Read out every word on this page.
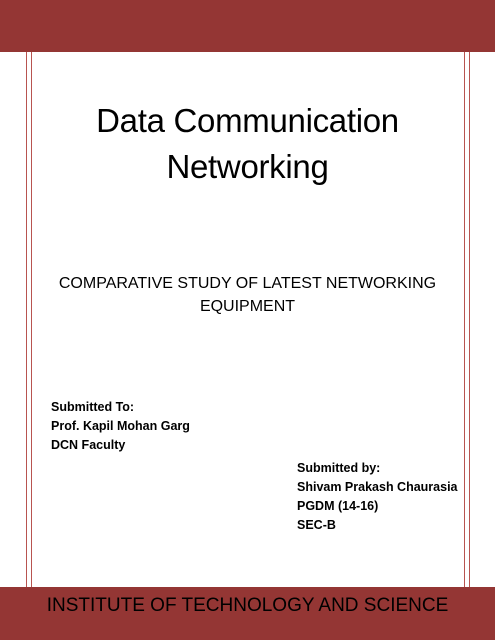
Data Communication
Networking
COMPARATIVE STUDY OF LATEST NETWORKING
EQUIPMENT
Submitted To:
Prof. Kapil Mohan Garg
DCN Faculty
Submitted by:
Shivam Prakash Chaurasia
PGDM (14-16)
SEC-B
INSTITUTE OF TECHNOLOGY AND SCIENCE
